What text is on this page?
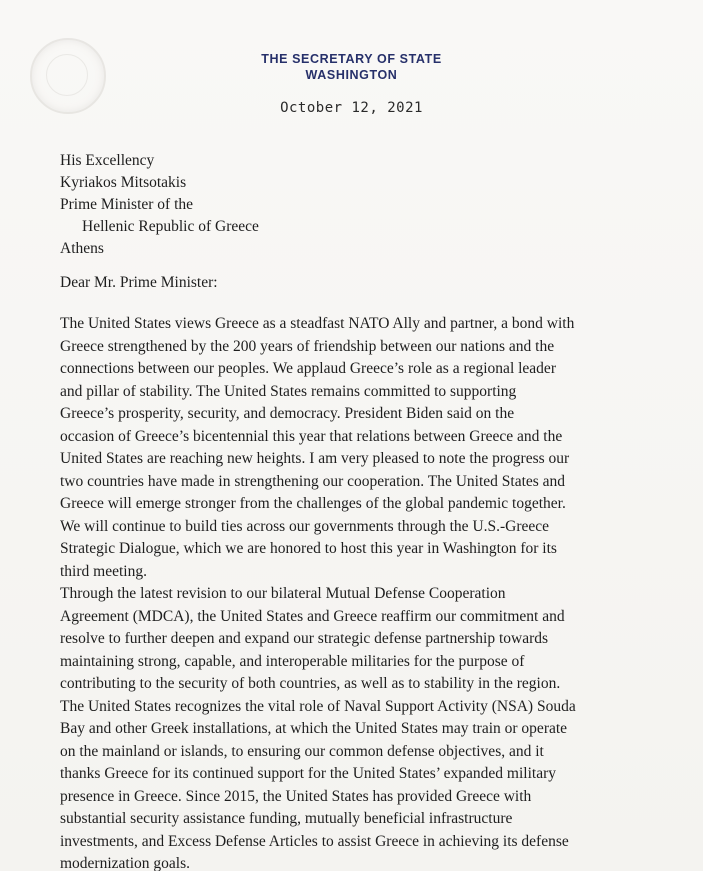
THE SECRETARY OF STATE
WASHINGTON
October 12, 2021
His Excellency
Kyriakos Mitsotakis
Prime Minister of the
Hellenic Republic of Greece
Athens
Dear Mr. Prime Minister:
The United States views Greece as a steadfast NATO Ally and partner, a bond with
Greece strengthened by the 200 years of friendship between our nations and the
connections between our peoples. We applaud Greece’s role as a regional leader
and pillar of stability. The United States remains committed to supporting
Greece’s prosperity, security, and democracy. President Biden said on the
occasion of Greece’s bicentennial this year that relations between Greece and the
United States are reaching new heights. I am very pleased to note the progress our
two countries have made in strengthening our cooperation. The United States and
Greece will emerge stronger from the challenges of the global pandemic together.
We will continue to build ties across our governments through the U.S.-Greece
Strategic Dialogue, which we are honored to host this year in Washington for its
third meeting.
Through the latest revision to our bilateral Mutual Defense Cooperation
Agreement (MDCA), the United States and Greece reaffirm our commitment and
resolve to further deepen and expand our strategic defense partnership towards
maintaining strong, capable, and interoperable militaries for the purpose of
contributing to the security of both countries, as well as to stability in the region.
The United States recognizes the vital role of Naval Support Activity (NSA) Souda
Bay and other Greek installations, at which the United States may train or operate
on the mainland or islands, to ensuring our common defense objectives, and it
thanks Greece for its continued support for the United States’ expanded military
presence in Greece. Since 2015, the United States has provided Greece with
substantial security assistance funding, mutually beneficial infrastructure
investments, and Excess Defense Articles to assist Greece in achieving its defense
modernization goals.
